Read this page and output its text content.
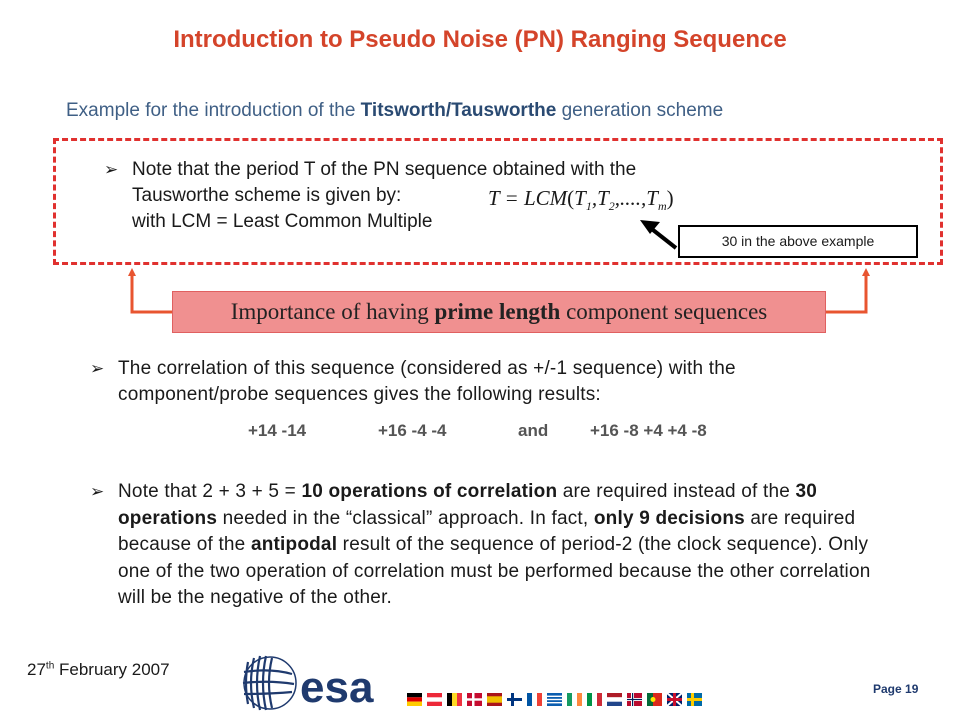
Introduction to Pseudo Noise (PN) Ranging Sequence
Example for the introduction of the Titsworth/Tausworthe generation scheme
➢ Note that the period T of the PN sequence obtained with the
Tausworthe scheme is given by:
with LCM = Least Common Multiple
$T = LCM(T_1,T_2,....,T_m)$
30 in the above example
Importance of having prime length component sequences
➢ The correlation of this sequence (considered as +/-1 sequence) with the component/probe sequences gives the following results:
+14 -14	+16 -4 -4	and +16 -8 +4 +4 -8
➢ Note that 2 + 3 + 5 = 10 operations of correlation are required instead of the 30 operations needed in the “classical” approach. In fact, only 9 decisions are required because of the antipodal result of the sequence of period-2 (the clock sequence). Only one of the two operation of correlation must be performed because the other correlation will be the negative of the other.
27th February 2007	esa	Page 19
